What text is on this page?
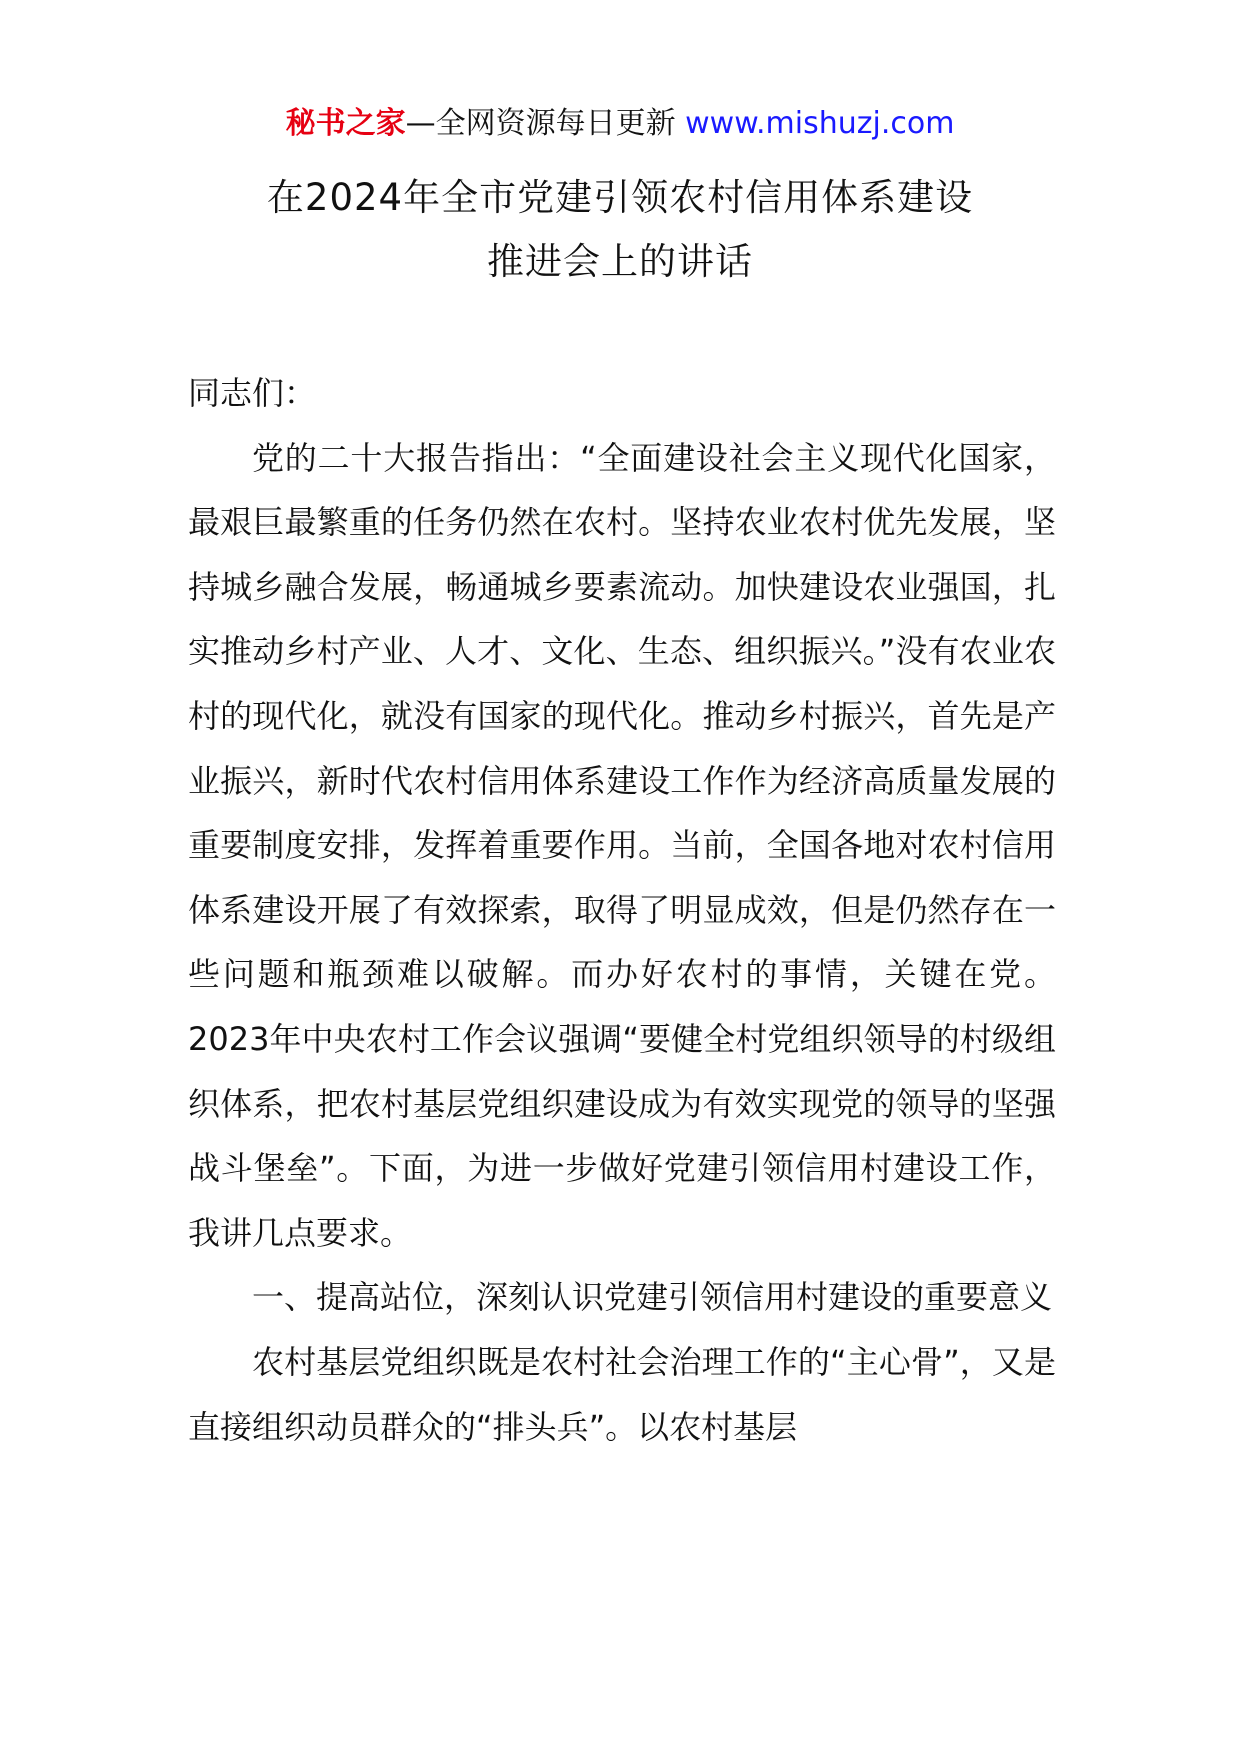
秘书之家—全网资源每日更新 www.mishuzj.com
在2024年全市党建引领农村信用体系建设
推进会上的讲话

同志们：

党的二十大报告指出：“全面建设社会主义现代化国家，最艰巨最繁重的任务仍然在农村。坚持农业农村优先发展，坚持城乡融合发展，畅通城乡要素流动。加快建设农业强国，扎实推动乡村产业、人才、文化、生态、组织振兴。”没有农业农村的现代化，就没有国家的现代化。推动乡村振兴，首先是产业振兴，新时代农村信用体系建设工作作为经济高质量发展的重要制度安排，发挥着重要作用。当前，全国各地对农村信用体系建设开展了有效探索，取得了明显成效，但是仍然存在一些问题和瓶颈难以破解。而办好农村的事情，关键在党。2023年中央农村工作会议强调“要健全村党组织领导的村级组织体系，把农村基层党组织建设成为有效实现党的领导的坚强战斗堡垒”。下面，为进一步做好党建引领信用村建设工作，我讲几点要求。

一、提高站位，深刻认识党建引领信用村建设的重要意义

农村基层党组织既是农村社会治理工作的“主心骨”，又是直接组织动员群众的“排头兵”。以农村基层
